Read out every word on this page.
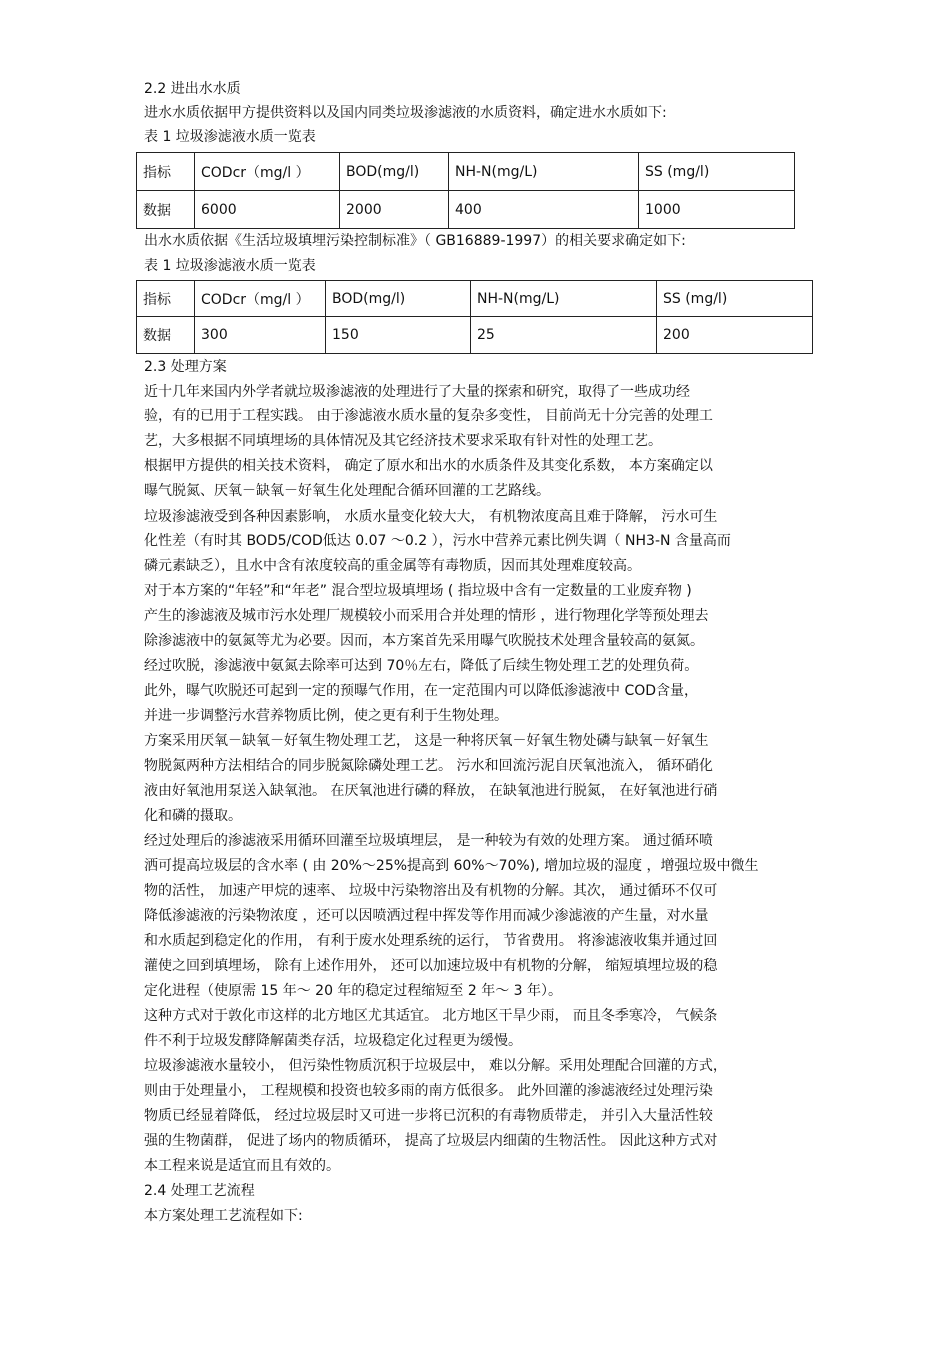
2.2 进出水水质
进水水质依据甲方提供资料以及国内同类垃圾渗滤液的水质资料，确定进水水质如下:
表 1 垃圾渗滤液水质一览表
指标	CODcr（mg/l ）	BOD(mg/l)	NH-N(mg/L)	SS (mg/l)
数据	6000	2000	400	1000
出水水质依据《生活垃圾填埋污染控制标准》（ GB16889-1997）的相关要求确定如下:
表 1 垃圾渗滤液水质一览表
指标	CODcr（mg/l ）	BOD(mg/l)	NH-N(mg/L)	SS (mg/l)
数据	300	150	25	200
2.3 处理方案
近十几年来国内外学者就垃圾渗滤液的处理进行了大量的探索和研究，取得了一些成功经
验，有的已用于工程实践。 由于渗滤液水质水量的复杂多变性， 目前尚无十分完善的处理工
艺，大多根据不同填埋场的具体情况及其它经济技术要求采取有针对性的处理工艺。
根据甲方提供的相关技术资料， 确定了原水和出水的水质条件及其变化系数， 本方案确定以
曝气脱氮、厌氧－缺氧－好氧生化处理配合循环回灌的工艺路线。
垃圾渗滤液受到各种因素影响， 水质水量变化较大大， 有机物浓度高且难于降解， 污水可生
化性差（有时其 BOD5/COD低达 0.07 ～0.2 ），污水中营养元素比例失调（ NH3-N 含量高而
磷元素缺乏），且水中含有浓度较高的重金属等有毒物质，因而其处理难度较高。
对于本方案的“年轻”和“年老” 混合型垃圾填埋场 ( 指垃圾中含有一定数量的工业废弃物 )
产生的渗滤液及城市污水处理厂规模较小而采用合并处理的情形 ，进行物理化学等预处理去
除渗滤液中的氨氮等尤为必要。因而，本方案首先采用曝气吹脱技术处理含量较高的氨氮。
经过吹脱，渗滤液中氨氮去除率可达到 70％左右，降低了后续生物处理工艺的处理负荷。
此外，曝气吹脱还可起到一定的预曝气作用，在一定范围内可以降低渗滤液中 COD含量，
并进一步调整污水营养物质比例，使之更有利于生物处理。
方案采用厌氧－缺氧－好氧生物处理工艺， 这是一种将厌氧－好氧生物处磷与缺氧－好氧生
物脱氮两种方法相结合的同步脱氮除磷处理工艺。 污水和回流污泥自厌氧池流入， 循环硝化
液由好氧池用泵送入缺氧池。 在厌氧池进行磷的释放， 在缺氧池进行脱氮， 在好氧池进行硝
化和磷的摄取。
经过处理后的渗滤液采用循环回灌至垃圾填埋层， 是一种较为有效的处理方案。 通过循环喷
洒可提高垃圾层的含水率 ( 由 20%～25%提高到 60%～70%), 增加垃圾的湿度 ，增强垃圾中微生
物的活性， 加速产甲烷的速率、 垃圾中污染物溶出及有机物的分解。其次， 通过循环不仅可
降低渗滤液的污染物浓度 ，还可以因喷洒过程中挥发等作用而减少渗滤液的产生量，对水量
和水质起到稳定化的作用， 有利于废水处理系统的运行， 节省费用。 将渗滤液收集并通过回
灌使之回到填埋场， 除有上述作用外， 还可以加速垃圾中有机物的分解， 缩短填埋垃圾的稳
定化进程（使原需 15 年～ 20 年的稳定过程缩短至 2 年～ 3 年）。
这种方式对于敦化市这样的北方地区尤其适宜。 北方地区干旱少雨， 而且冬季寒冷， 气候条
件不利于垃圾发酵降解菌类存活，垃圾稳定化过程更为缓慢。
垃圾渗滤液水量较小， 但污染性物质沉积于垃圾层中， 难以分解。采用处理配合回灌的方式，
则由于处理量小， 工程规模和投资也较多雨的南方低很多。 此外回灌的渗滤液经过处理污染
物质已经显着降低， 经过垃圾层时又可进一步将已沉积的有毒物质带走， 并引入大量活性较
强的生物菌群， 促进了场内的物质循环， 提高了垃圾层内细菌的生物活性。 因此这种方式对
本工程来说是适宜而且有效的。
2.4 处理工艺流程
本方案处理工艺流程如下:
